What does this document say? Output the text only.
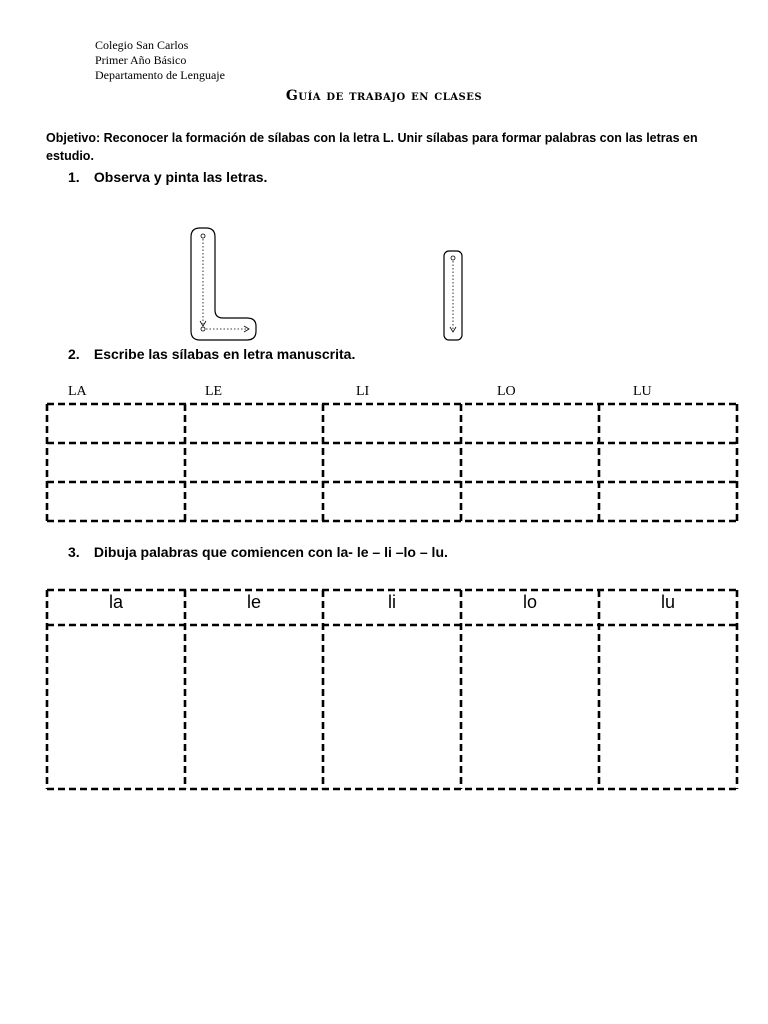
Colegio San Carlos
Primer Año Básico
Departamento de Lenguaje
Guía de trabajo en clases
Objetivo: Reconocer la formación de sílabas con la letra L. Unir sílabas para formar palabras con las letras en estudio.
1. Observa y pinta las letras.
2. Escribe las sílabas en letra manuscrita.
LA	LE	LI	LO	LU
3. Dibuja palabras que comiencen con la- le – li –lo – lu.
la	le	li	lo	lu
